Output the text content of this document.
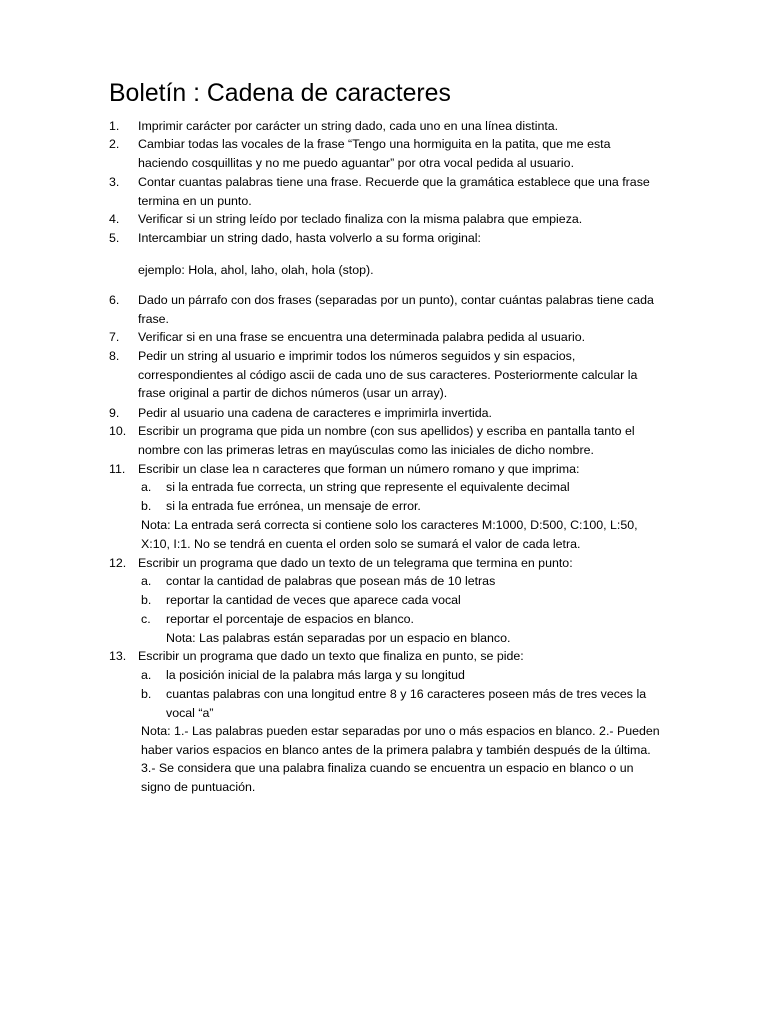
Boletín : Cadena de caracteres
1.	Imprimir carácter por carácter un string dado, cada uno en una línea distinta.
2.	Cambiar todas las vocales de la frase “Tengo una hormiguita en la patita, que me esta haciendo cosquillitas y no me puedo aguantar” por otra vocal pedida al usuario.
3.	Contar cuantas palabras tiene una frase. Recuerde que la gramática establece que una frase termina en un punto.
4.	Verificar si un string leído por teclado finaliza con la misma palabra que empieza.
5.	Intercambiar un string dado, hasta volverlo a su forma original:

ejemplo: Hola, ahol, laho, olah, hola (stop).

6.	Dado un párrafo con dos frases (separadas por un punto), contar cuántas palabras tiene cada frase.
7.	Verificar si en una frase se encuentra una determinada palabra pedida al usuario.
8.	Pedir un string al usuario e imprimir todos los números seguidos y sin espacios, correspondientes al código ascii de cada uno de sus caracteres. Posteriormente calcular la frase original a partir de dichos números (usar un array).
9.	Pedir al usuario una cadena de caracteres e imprimirla invertida.
10. Escribir un programa que pida un nombre (con sus apellidos) y escriba en pantalla tanto el nombre con las primeras letras en mayúsculas como las iniciales de dicho nombre.
11.	Escribir un clase lea n caracteres que forman un número romano y que imprima:
a.	si la entrada fue correcta, un string que represente el equivalente decimal
b.	si la entrada fue errónea, un mensaje de error.

Nota: La entrada será correcta si contiene solo los caracteres M:1000, D:500, C:100, L:50, X:10, I:1. No se tendrá en cuenta el orden solo se sumará el valor de cada letra.

12. Escribir un programa que dado un texto de un telegrama que termina en punto:
a.	contar la cantidad de palabras que posean más de 10 letras
b.	reportar la cantidad de veces que aparece cada vocal
c.	reportar el porcentaje de espacios en blanco.
Nota: Las palabras están separadas por un espacio en blanco.
13. Escribir un programa que dado un texto que finaliza en punto, se pide:
a.	la posición inicial de la palabra más larga y su longitud
b.	cuantas palabras con una longitud entre 8 y 16 caracteres poseen más de tres veces la vocal “a”

Nota: 1.- Las palabras pueden estar separadas por uno o más espacios en blanco. 2.- Pueden haber varios espacios en blanco antes de la primera palabra y también después de la última. 3.- Se considera que una palabra finaliza cuando se encuentra un espacio en blanco o un signo de puntuación.
